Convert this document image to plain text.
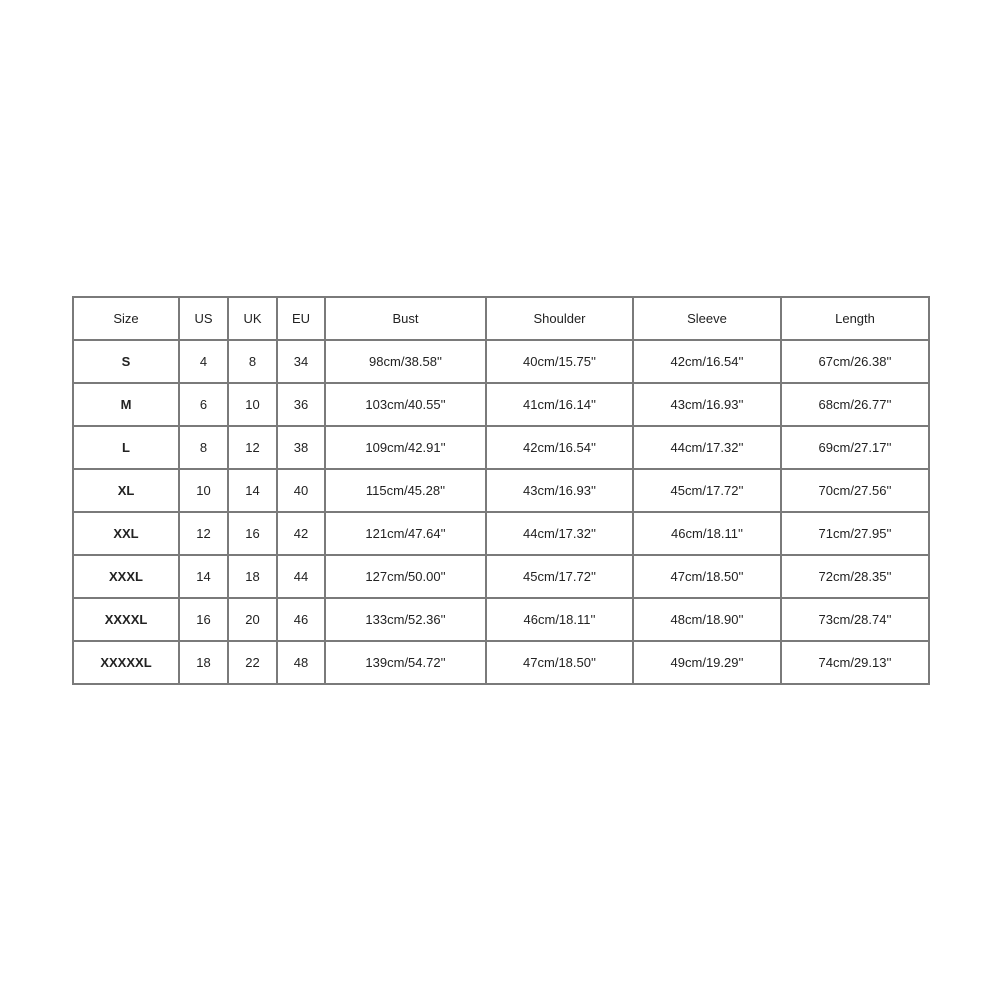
Size	US	UK	EU	Bust	Shoulder	Sleeve	Length
S	4	8	34	98cm/38.58''	40cm/15.75''	42cm/16.54''	67cm/26.38''
M	6	10	36	103cm/40.55''	41cm/16.14''	43cm/16.93''	68cm/26.77''
L	8	12	38	109cm/42.91''	42cm/16.54''	44cm/17.32''	69cm/27.17''
XL	10	14	40	115cm/45.28''	43cm/16.93''	45cm/17.72''	70cm/27.56''
XXL	12	16	42	121cm/47.64''	44cm/17.32''	46cm/18.11''	71cm/27.95''
XXXL	14	18	44	127cm/50.00''	45cm/17.72''	47cm/18.50''	72cm/28.35''
XXXXL	16	20	46	133cm/52.36''	46cm/18.11''	48cm/18.90''	73cm/28.74''
XXXXXL	18	22	48	139cm/54.72''	47cm/18.50''	49cm/19.29''	74cm/29.13''
